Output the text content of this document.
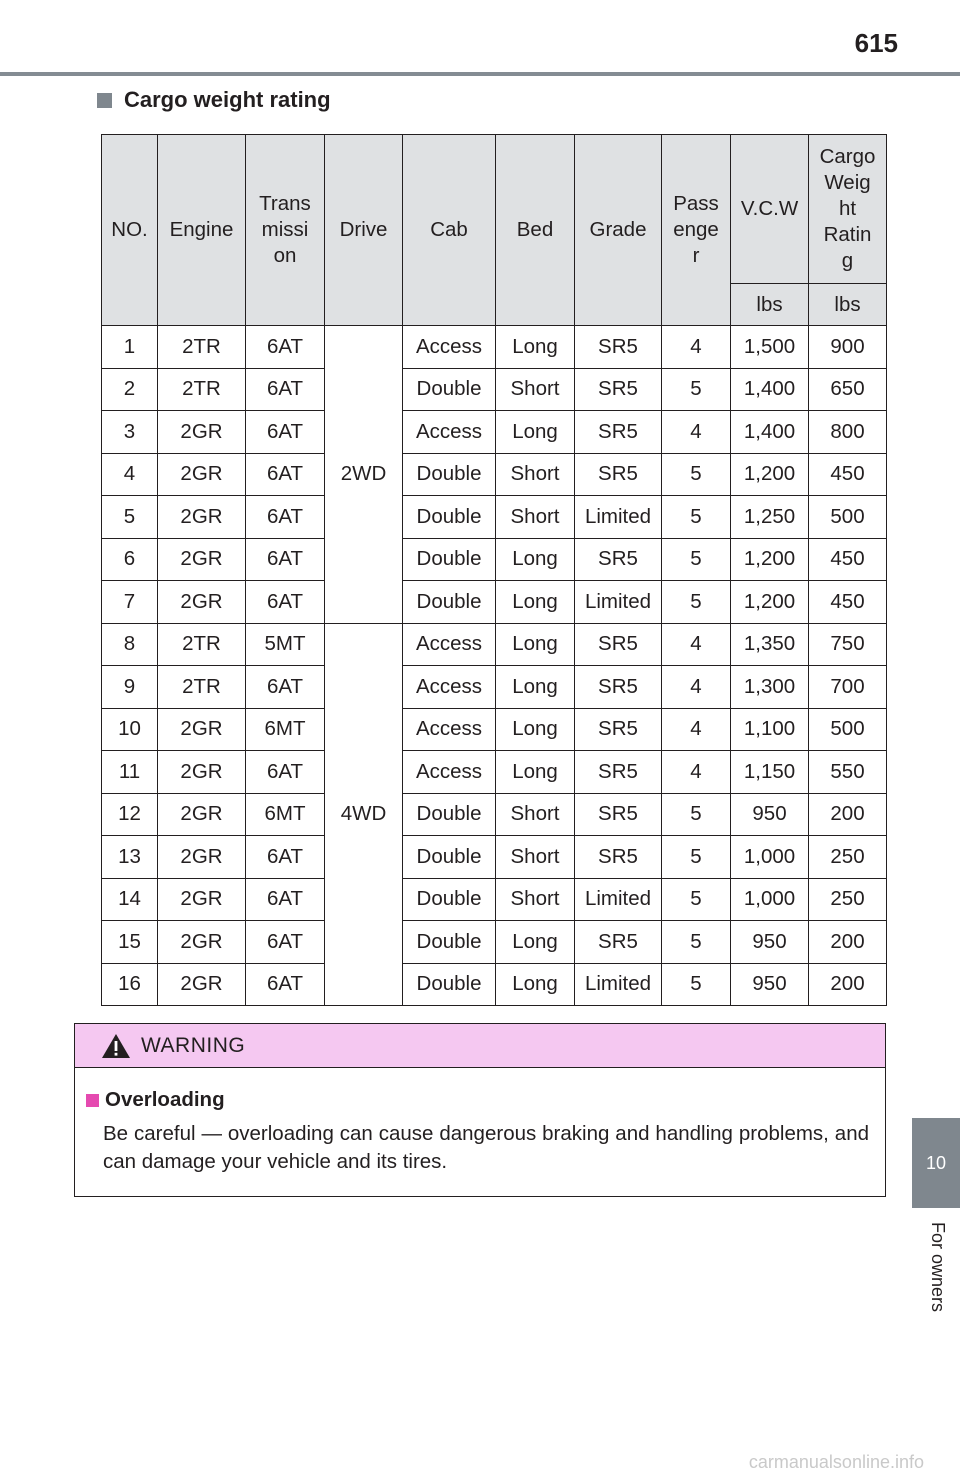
615
Cargo weight rating
NO.	Engine	Trans
missi
on	Drive	Cab	Bed	Grade	Pass
enge
r	V.C.W	Cargo
Weig
ht
Ratin
g
								lbs	lbs
1	2TR	6AT	2WD	Access	Long	SR5	4	1,500	900
2	2TR	6AT		Double	Short	SR5	5	1,400	650
3	2GR	6AT		Access	Long	SR5	4	1,400	800
4	2GR	6AT		Double	Short	SR5	5	1,200	450
5	2GR	6AT		Double	Short	Limited	5	1,250	500
6	2GR	6AT		Double	Long	SR5	5	1,200	450
7	2GR	6AT		Double	Long	Limited	5	1,200	450
8	2TR	5MT	4WD	Access	Long	SR5	4	1,350	750
9	2TR	6AT		Access	Long	SR5	4	1,300	700
10	2GR	6MT		Access	Long	SR5	4	1,100	500
11	2GR	6AT		Access	Long	SR5	4	1,150	550
12	2GR	6MT		Double	Short	SR5	5	950	200
13	2GR	6AT		Double	Short	SR5	5	1,000	250
14	2GR	6AT		Double	Short	Limited	5	1,000	250
15	2GR	6AT		Double	Long	SR5	5	950	200
16	2GR	6AT		Double	Long	Limited	5	950	200
WARNING
Overloading
Be careful — overloading can cause dangerous braking and handling problems, and can damage your vehicle and its tires.	10
For owners
carmanualsonline.info
